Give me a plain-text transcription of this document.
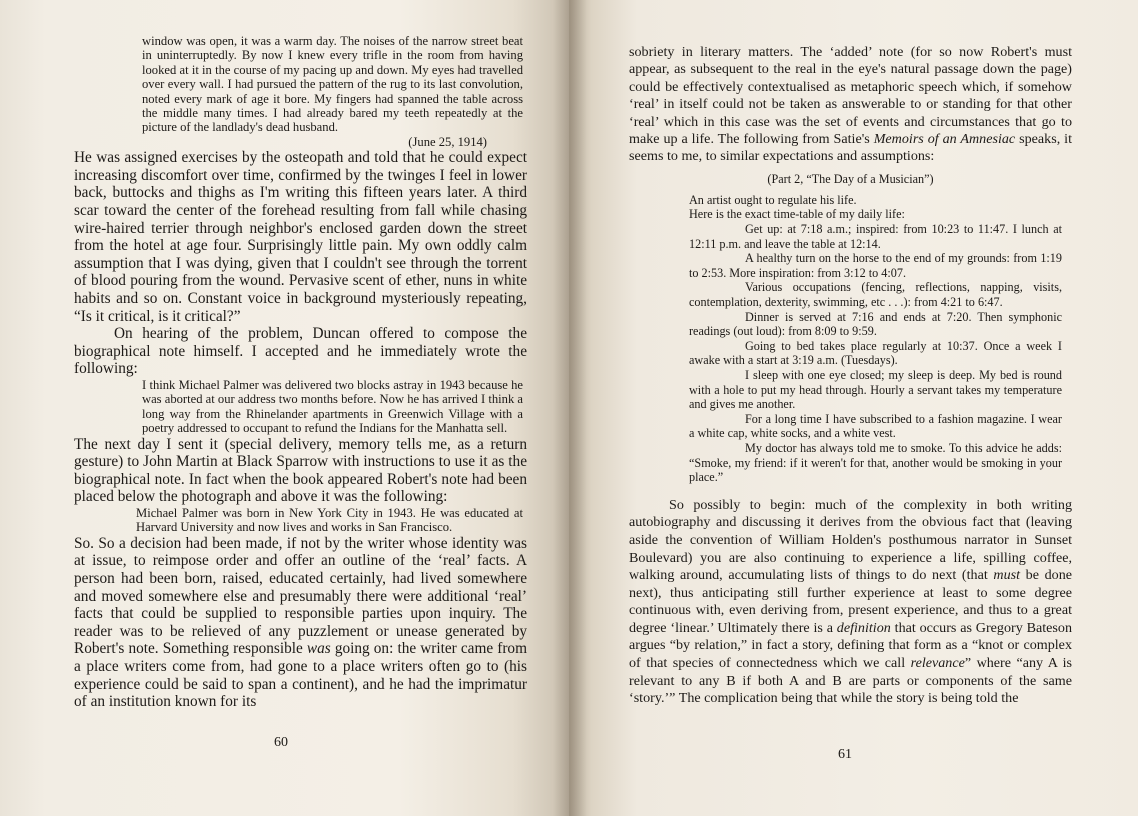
window was open, it was a warm day. The noises of the narrow street beat in uninterruptedly. By now I knew every trifle in the room from having looked at it in the course of my pacing up and down. My eyes had travelled over every wall. I had pursued the pattern of the rug to its last convolution, noted every mark of age it bore. My fingers had spanned the table across the middle many times. I had already bared my teeth repeatedly at the picture of the landlady's dead husband.

(June 25, 1914)

He was assigned exercises by the osteopath and told that he could expect increasing discomfort over time, confirmed by the twinges I feel in lower back, buttocks and thighs as I'm writing this fifteen years later. A third scar toward the center of the forehead resulting from fall while chasing wire-haired terrier through neighbor's enclosed garden down the street from the hotel at age four. Surprisingly little pain. My own oddly calm assumption that I was dying, given that I couldn't see through the torrent of blood pouring from the wound. Pervasive scent of ether, nuns in white habits and so on. Constant voice in background mysteriously repeating, “Is it critical, is it critical?”

On hearing of the problem, Duncan offered to compose the biographical note himself. I accepted and he immediately wrote the following:

I think Michael Palmer was delivered two blocks astray in 1943 because he was aborted at our address two months before. Now he has arrived I think a long way from the Rhinelander apartments in Greenwich Village with a poetry addressed to occupant to refund the Indians for the Manhatta sell.

The next day I sent it (special delivery, memory tells me, as a return gesture) to John Martin at Black Sparrow with instructions to use it as the biographical note. In fact when the book appeared Robert's note had been placed below the photograph and above it was the following:

Michael Palmer was born in New York City in 1943. He was educated at Harvard University and now lives and works in San Francisco.

So. So a decision had been made, if not by the writer whose identity was at issue, to reimpose order and offer an outline of the ‘real’ facts. A person had been born, raised, educated certainly, had lived somewhere and moved somewhere else and presumably there were additional ‘real’ facts that could be supplied to responsible parties upon inquiry. The reader was to be relieved of any puzzlement or unease generated by Robert's note. Something responsible was going on: the writer came from a place writers come from, had gone to a place writers often go to (his experience could be said to span a continent), and he had the imprimatur of an institution known for its

60

sobriety in literary matters. The ‘added’ note (for so now Robert's must appear, as subsequent to the real in the eye's natural passage down the page) could be effectively contextualised as metaphoric speech which, if somehow ‘real’ in itself could not be taken as answerable to or standing for that other ‘real’ which in this case was the set of events and circumstances that go to make up a life. The following from Satie's Memoirs of an Amnesiac speaks, it seems to me, to similar expectations and assumptions:

(Part 2, “The Day of a Musician”)

An artist ought to regulate his life.

Here is the exact time-table of my daily life:

Get up: at 7:18 a.m.; inspired: from 10:23 to 11:47. I lunch at 12:11 p.m. and leave the table at 12:14.

A healthy turn on the horse to the end of my grounds: from 1:19 to 2:53. More inspiration: from 3:12 to 4:07.

Various occupations (fencing, reflections, napping, visits, contemplation, dexterity, swimming, etc . . .): from 4:21 to 6:47.

Dinner is served at 7:16 and ends at 7:20. Then symphonic readings (out loud): from 8:09 to 9:59.

Going to bed takes place regularly at 10:37. Once a week I awake with a start at 3:19 a.m. (Tuesdays).

I sleep with one eye closed; my sleep is deep. My bed is round with a hole to put my head through. Hourly a servant takes my temperature and gives me another.

For a long time I have subscribed to a fashion magazine. I wear a white cap, white socks, and a white vest.

My doctor has always told me to smoke. To this advice he adds: “Smoke, my friend: if it weren't for that, another would be smoking in your place.”

So possibly to begin: much of the complexity in both writing autobiography and discussing it derives from the obvious fact that (leaving aside the convention of William Holden's posthumous narrator in Sunset Boulevard) you are also continuing to experience a life, spilling coffee, walking around, accumulating lists of things to do next (that must be done next), thus anticipating still further experience at least to some degree continuous with, even deriving from, present experience, and thus to a great degree ‘linear.’ Ultimately there is a definition that occurs as Gregory Bateson argues “by relation,” in fact a story, defining that form as a “knot or complex of that species of connectedness which we call relevance” where “any A is relevant to any B if both A and B are parts or components of the same ‘story.’” The complication being that while the story is being told the

61
